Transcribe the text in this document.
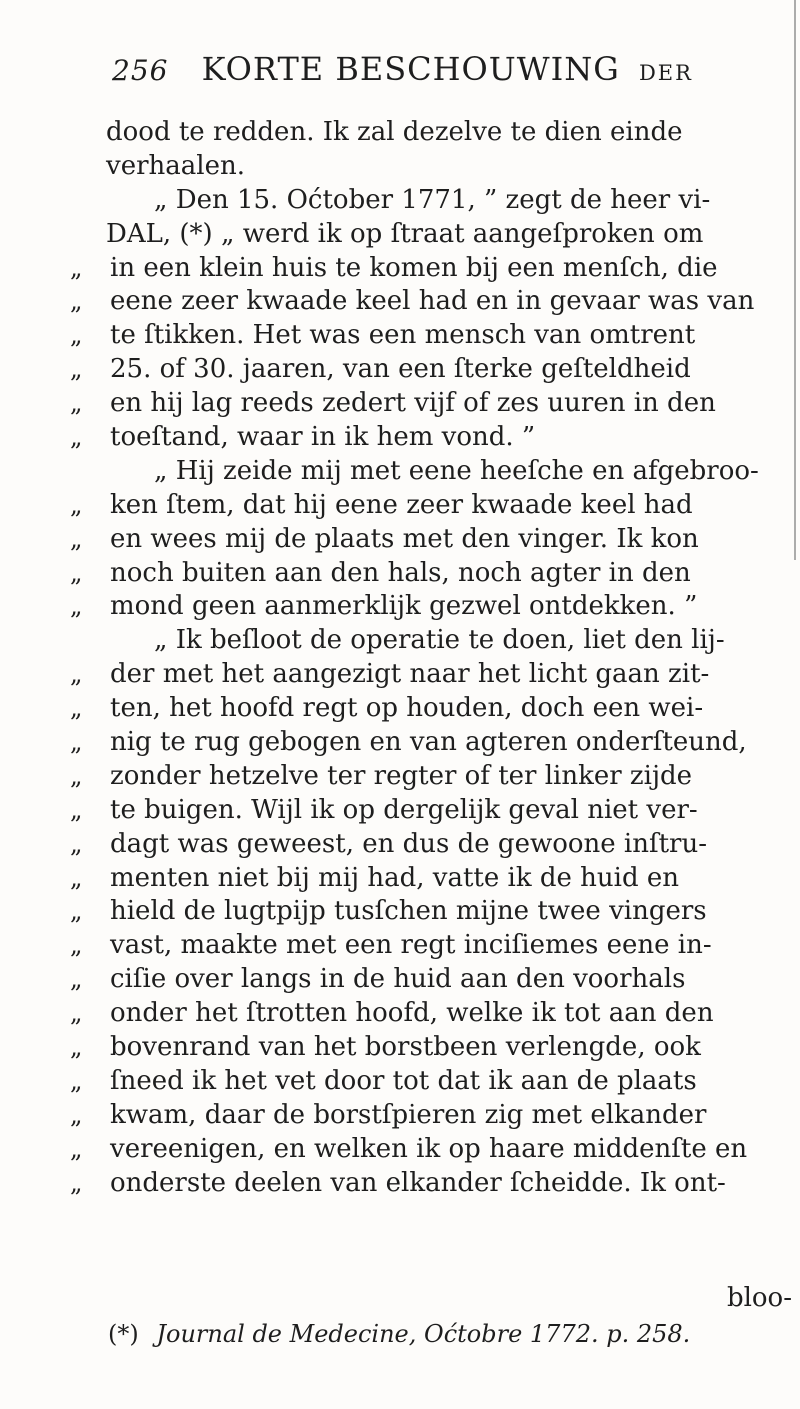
256 KORTE BESCHOUWING DER
dood te redden. Ik zal dezelve te dien einde
verhaalen.
„ Den 15. Oćtober 1771, ” zegt de heer vi-
DAL, (*) „ werd ik op ſtraat aangeſproken om
„	in een klein huis te komen bij een menſch, die
„	eene zeer kwaade keel had en in gevaar was van
„	te ſtikken. Het was een mensch van omtrent
„	25. of 30. jaaren, van een ſterke geſteldheid
„	en hij lag reeds zedert vijf of zes uuren in den
„	toeſtand, waar in ik hem vond. ”
„ Hij zeide mij met eene heeſche en afgebroo-
„	ken ſtem, dat hij eene zeer kwaade keel had
„	en wees mij de plaats met den vinger. Ik kon
„	noch buiten aan den hals, noch agter in den
„	mond geen aanmerklijk gezwel ontdekken. ”
„ Ik beſloot de operatie te doen, liet den lij-
„	der met het aangezigt naar het licht gaan zit-
„	ten, het hoofd regt op houden, doch een wei-
„	nig te rug gebogen en van agteren onderſteund,
„	zonder hetzelve ter regter of ter linker zijde
„	te buigen. Wijl ik op dergelijk geval niet ver-
„	dagt was geweest, en dus de gewoone inſtru-
„	menten niet bij mij had, vatte ik de huid en
„	hield de lugtpijp tusſchen mijne twee vingers
„	vast, maakte met een regt inciſiemes eene in-
„	ciſie over langs in de huid aan den voorhals
„	onder het ſtrotten hoofd, welke ik tot aan den
„	bovenrand van het borstbeen verlengde, ook
„	ſneed ik het vet door tot dat ik aan de plaats
„	kwam, daar de borstſpieren zig met elkander
„	vereenigen, en welken ik op haare middenſte en
„	onderste deelen van elkander ſcheidde. Ik ont-
bloo-
(*) Journal de Medecine, Oćtobre 1772. p. 258.
